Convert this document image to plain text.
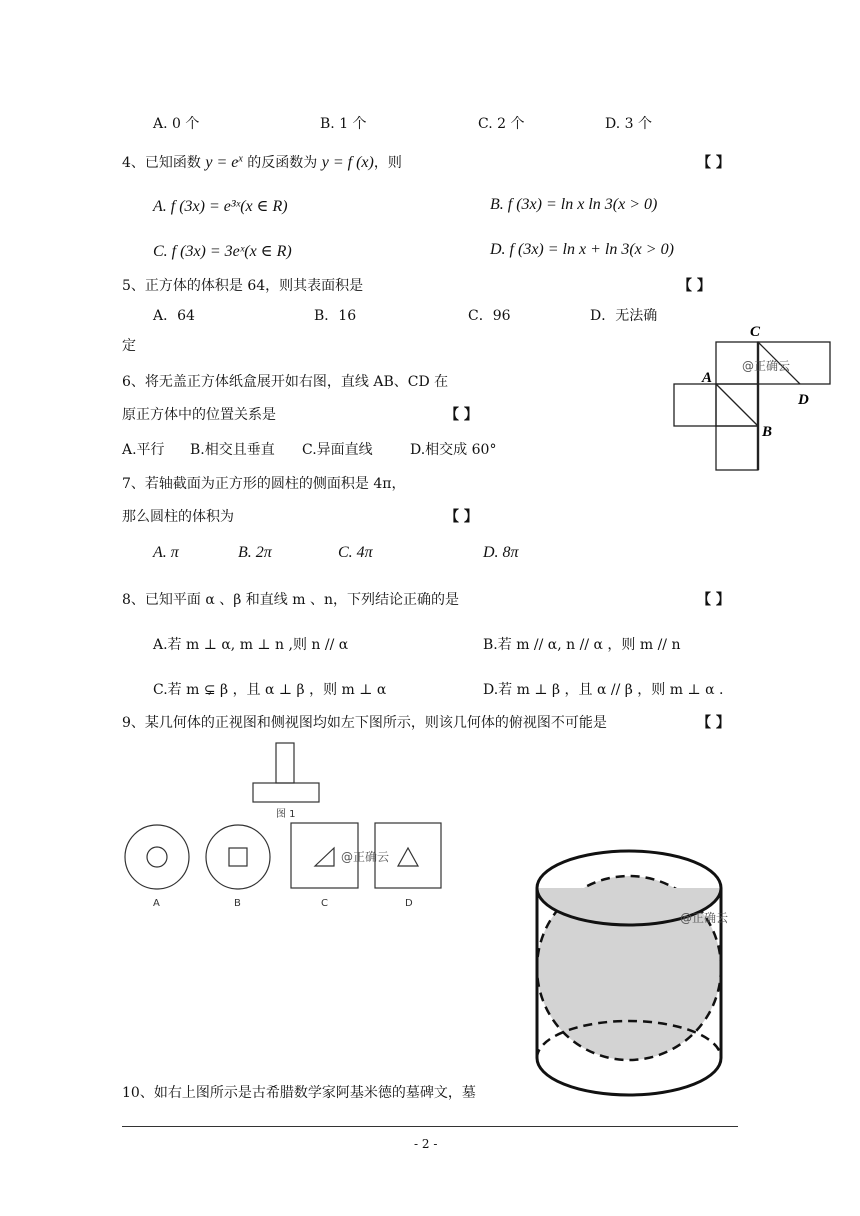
A. 0 个	B. 1 个	C. 2 个	D. 3 个
4、已知函数 $y = e^x$ 的反函数为 y = f (x)，则	【 】
A. f (3x) = e³ˣ(x ∈ R)	B. f (3x) = ln x ln 3(x > 0)
C. f (3x) = 3eˣ(x ∈ R)	D. f (3x) = ln x + ln 3(x > 0)
5、正方体的体积是 64，则其表面积是	【 】
A．64	B．16	C．96	D．无法确
定
6、将无盖正方体纸盒展开如右图，直线 AB、CD 在
原正方体中的位置关系是	【 】
A.平行 B.相交且垂直 C.异面直线	D.相交成 60°
C
A
B
D
@正确云
7、若轴截面为正方形的圆柱的侧面积是 4π，
那么圆柱的体积为	【 】
A. π	B. 2π	C. 4π	D. 8π
8、已知平面 α 、β 和直线 m 、n，下列结论正确的是	【 】
A.若 m ⊥ α, m ⊥ n ,则 n // α	B.若 m // α, n // α ，则 m // n
C.若 m ⊊ β ，且 α ⊥ β ，则 m ⊥ α	D.若 m ⊥ β ，且 α // β ，则 m ⊥ α .
9、某几何体的正视图和侧视图均如左下图所示，则该几何体的俯视图不可能是	【 】
图 1
A	B	C	D
@正确云
@正确云
10、如右上图所示是古希腊数学家阿基米德的墓碑文，墓
- 2 -
